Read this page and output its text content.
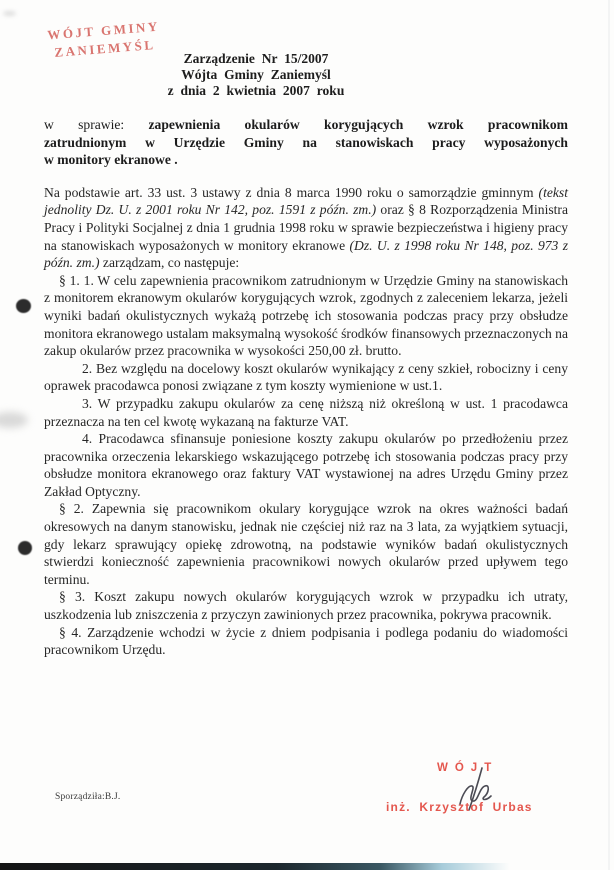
WÓJT GMINY
ZANIEMYŚL	Zarządzenie Nr 15/2007
Wójta Gminy Zaniemyśl
z dnia 2 kwietnia 2007 roku
w sprawie: zapewnienia okularów korygujących wzrok pracownikom
zatrudnionym w Urzędzie Gminy na stanowiskach pracy wyposażonych
w monitory ekranowe .

Na podstawie art. 33 ust. 3 ustawy z dnia 8 marca 1990 roku o samorządzie gminnym (tekst jednolity Dz. U. z 2001 roku Nr 142, poz. 1591 z późn. zm.) oraz § 8 Rozporządzenia Ministra Pracy i Polityki Socjalnej z dnia 1 grudnia 1998 roku w sprawie bezpieczeństwa i higieny pracy na stanowiskach wyposażonych w monitory ekranowe (Dz. U. z 1998 roku Nr 148, poz. 973 z późn. zm.) zarządzam, co następuje:

§ 1. 1. W celu zapewnienia pracownikom zatrudnionym w Urzędzie Gminy na stanowiskach z monitorem ekranowym okularów korygujących wzrok, zgodnych z zaleceniem lekarza, jeżeli wyniki badań okulistycznych wykażą potrzebę ich stosowania podczas pracy przy obsłudze monitora ekranowego ustalam maksymalną wysokość środków finansowych przeznaczonych na zakup okularów przez pracownika w wysokości 250,00 zł. brutto.

2. Bez względu na docelowy koszt okularów wynikający z ceny szkieł, robocizny i ceny oprawek pracodawca ponosi związane z tym koszty wymienione w ust.1.

3. W przypadku zakupu okularów za cenę niższą niż określoną w ust. 1 pracodawca przeznacza na ten cel kwotę wykazaną na fakturze VAT.

4. Pracodawca sfinansuje poniesione koszty zakupu okularów po przedłożeniu przez pracownika orzeczenia lekarskiego wskazującego potrzebę ich stosowania podczas pracy przy obsłudze monitora ekranowego oraz faktury VAT wystawionej na adres Urzędu Gminy przez Zakład Optyczny.

§ 2. Zapewnia się pracownikom okulary korygujące wzrok na okres ważności badań okresowych na danym stanowisku, jednak nie częściej niż raz na 3 lata, za wyjątkiem sytuacji, gdy lekarz sprawujący opiekę zdrowotną, na podstawie wyników badań okulistycznych stwierdzi konieczność zapewnienia pracownikowi nowych okularów przed upływem tego terminu.

§ 3. Koszt zakupu nowych okularów korygujących wzrok w przypadku ich utraty, uszkodzenia lub zniszczenia z przyczyn zawinionych przez pracownika, pokrywa pracownik.

§ 4. Zarządzenie wchodzi w życie z dniem podpisania i podlega podaniu do wiadomości pracownikom Urzędu.

Sporządziła:B.J.
WÓJT
inż. Krzysztof Urbas
